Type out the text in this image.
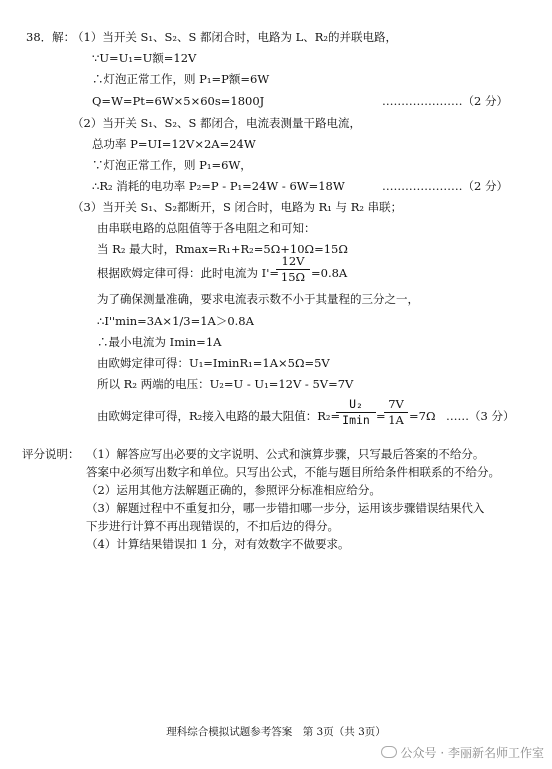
38．解：
（1）当开关 S₁、S₂、S 都闭合时，电路为 L、R₂的并联电路，
∵U=U₁=U额=12V
∴灯泡正常工作，则 P₁=P额=6W
Q=W=Pt=6W×5×60s=1800J	…………………（2 分）
（2）当开关 S₁、S₂、S 都闭合，电流表测量干路电流，
总功率 P=UI=12V×2A=24W
∵灯泡正常工作，则 P₁=6W，
∴R₂ 消耗的电功率 P₂=P - P₁=24W - 6W=18W	…………………（2 分）
（3）当开关 S₁、S₂都断开，S 闭合时，电路为 R₁ 与 R₂ 串联；
由串联电路的总阻值等于各电阻之和可知：
当 R₂ 最大时，Rmax=R₁+R₂=5Ω+10Ω=15Ω
根据欧姆定律可得：此时电流为 I'=
12V
15Ω =0.8A
为了确保测量准确，要求电流表示数不小于其量程的三分之一，
∴I''min=3A×1/3=1A＞0.8A
∴最小电流为 Imin=1A
由欧姆定律可得：U₁=IminR₁=1A×5Ω=5V
所以 R₂ 两端的电压：U₂=U - U₁=12V - 5V=7V
由欧姆定律可得，R₂接入电路的最大阻值：R₂=
U₂
Imin =
7V
1A =7Ω ……（3 分）
评分说明： （1）解答应写出必要的文字说明、公式和演算步骤，只写最后答案的不给分。
答案中必须写出数字和单位。只写出公式，不能与题目所给条件相联系的不给分。
（2）运用其他方法解题正确的，参照评分标准相应给分。
（3）解题过程中不重复扣分，哪一步错扣哪一步分，运用该步骤错误结果代入
下步进行计算不再出现错误的，不扣后边的得分。
（4）计算结果错误扣 1 分，对有效数字不做要求。
理科综合模拟试题参考答案　第 3页（共 3页）
公众号 · 李丽新名师工作室
